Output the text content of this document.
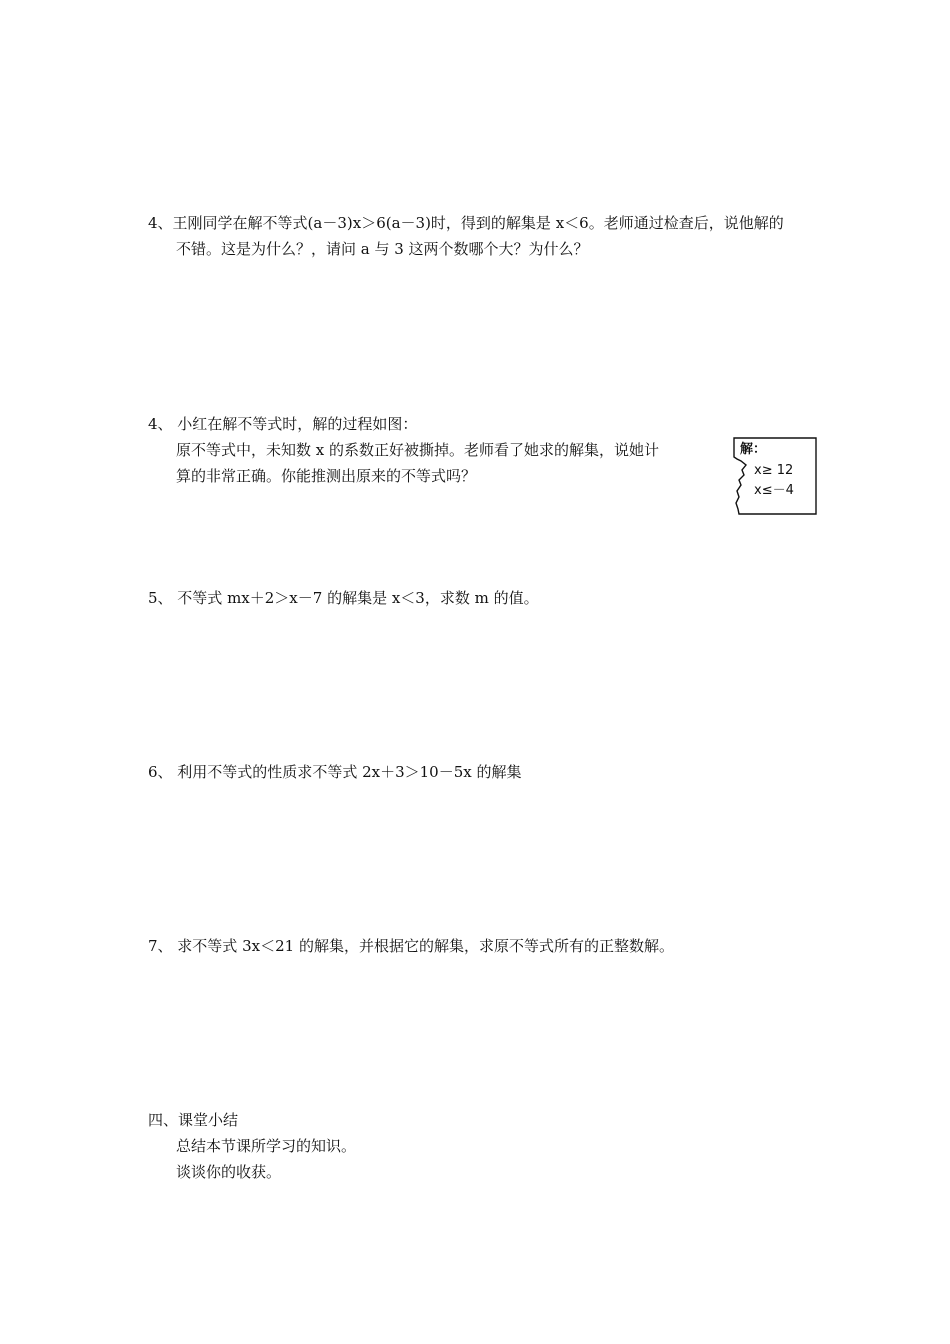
4、王刚同学在解不等式(a－3)x＞6(a－3)时，得到的解集是 x＜6。老师通过检查后，说他解的
不错。这是为什么？，请问 a 与 3 这两个数哪个大？为什么？
4、 小红在解不等式时，解的过程如图：
原不等式中，未知数 x 的系数正好被撕掉。老师看了她求的解集，说她计
算的非常正确。你能推测出原来的不等式吗？
解：
x≥ 12
x≤－4
5、 不等式 mx＋2＞x－7 的解集是 x＜3，求数 m 的值。
6、 利用不等式的性质求不等式 2x＋3＞10－5x 的解集
7、 求不等式 3x＜21 的解集，并根据它的解集，求原不等式所有的正整数解。
四、课堂小结
总结本节课所学习的知识。
谈谈你的收获。
